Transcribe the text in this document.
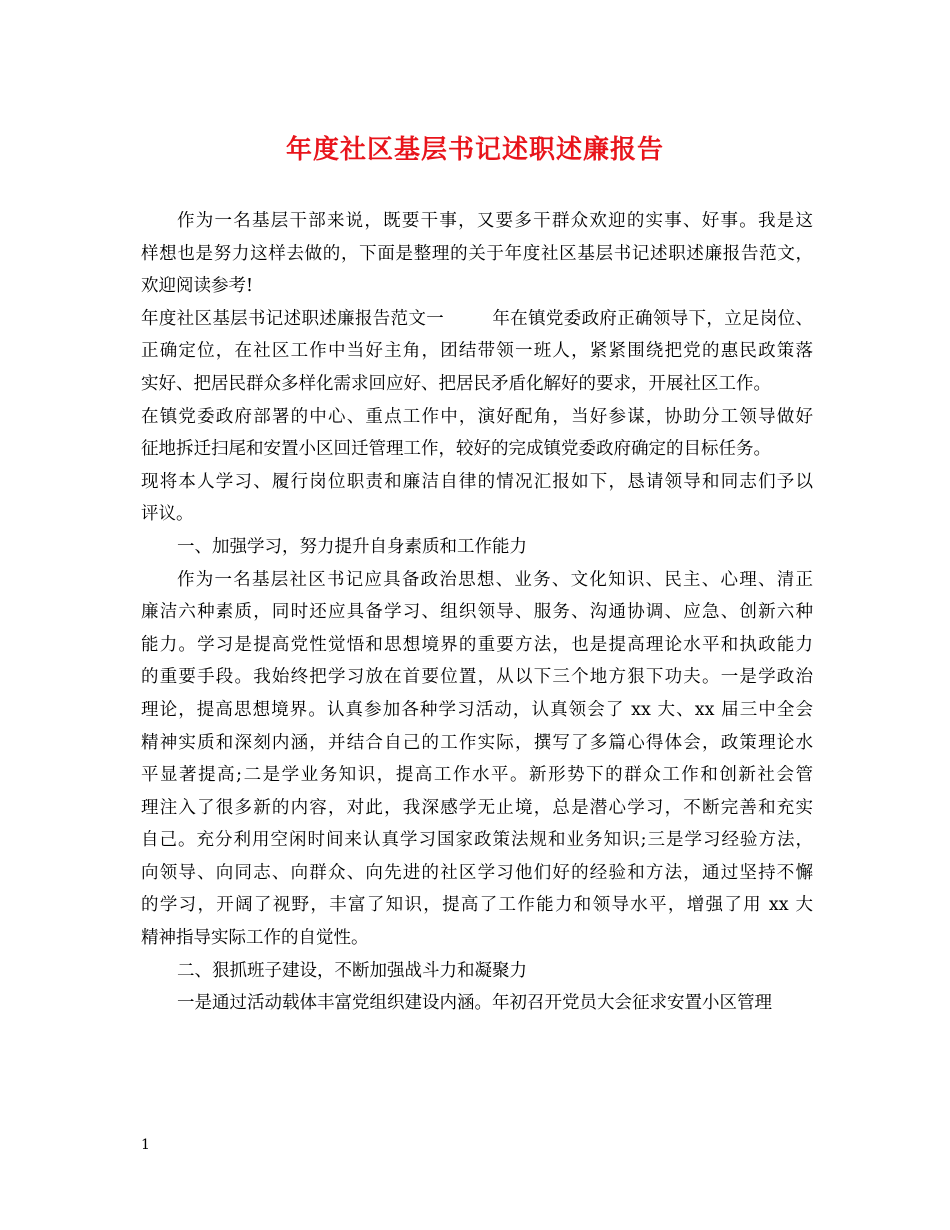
年度社区基层书记述职述廉报告
作为一名基层干部来说，既要干事，又要多干群众欢迎的实事、好事。我是这
样想也是努力这样去做的，下面是整理的关于年度社区基层书记述职述廉报告范文，
欢迎阅读参考!
年度社区基层书记述职述廉报告范文一	年在镇党委政府正确领导下，立足岗位、
正确定位，在社区工作中当好主角，团结带领一班人，紧紧围绕把党的惠民政策落
实好、把居民群众多样化需求回应好、把居民矛盾化解好的要求，开展社区工作。
在镇党委政府部署的中心、重点工作中，演好配角，当好参谋，协助分工领导做好
征地拆迁扫尾和安置小区回迁管理工作，较好的完成镇党委政府确定的目标任务。
现将本人学习、履行岗位职责和廉洁自律的情况汇报如下，恳请领导和同志们予以
评议。
一、加强学习，努力提升自身素质和工作能力
作为一名基层社区书记应具备政治思想、业务、文化知识、民主、心理、清正
廉洁六种素质，同时还应具备学习、组织领导、服务、沟通协调、应急、创新六种
能力。学习是提高党性觉悟和思想境界的重要方法，也是提高理论水平和执政能力
的重要手段。我始终把学习放在首要位置，从以下三个地方狠下功夫。一是学政治
理论，提高思想境界。认真参加各种学习活动，认真领会了 xx 大、xx 届三中全会
精神实质和深刻内涵，并结合自己的工作实际，撰写了多篇心得体会，政策理论水
平显著提高;二是学业务知识，提高工作水平。新形势下的群众工作和创新社会管
理注入了很多新的内容，对此，我深感学无止境，总是潜心学习，不断完善和充实
自己。充分利用空闲时间来认真学习国家政策法规和业务知识;三是学习经验方法，
向领导、向同志、向群众、向先进的社区学习他们好的经验和方法，通过坚持不懈
的学习，开阔了视野，丰富了知识，提高了工作能力和领导水平，增强了用 xx 大
精神指导实际工作的自觉性。
二、狠抓班子建设，不断加强战斗力和凝聚力
一是通过活动载体丰富党组织建设内涵。年初召开党员大会征求安置小区管理
1
